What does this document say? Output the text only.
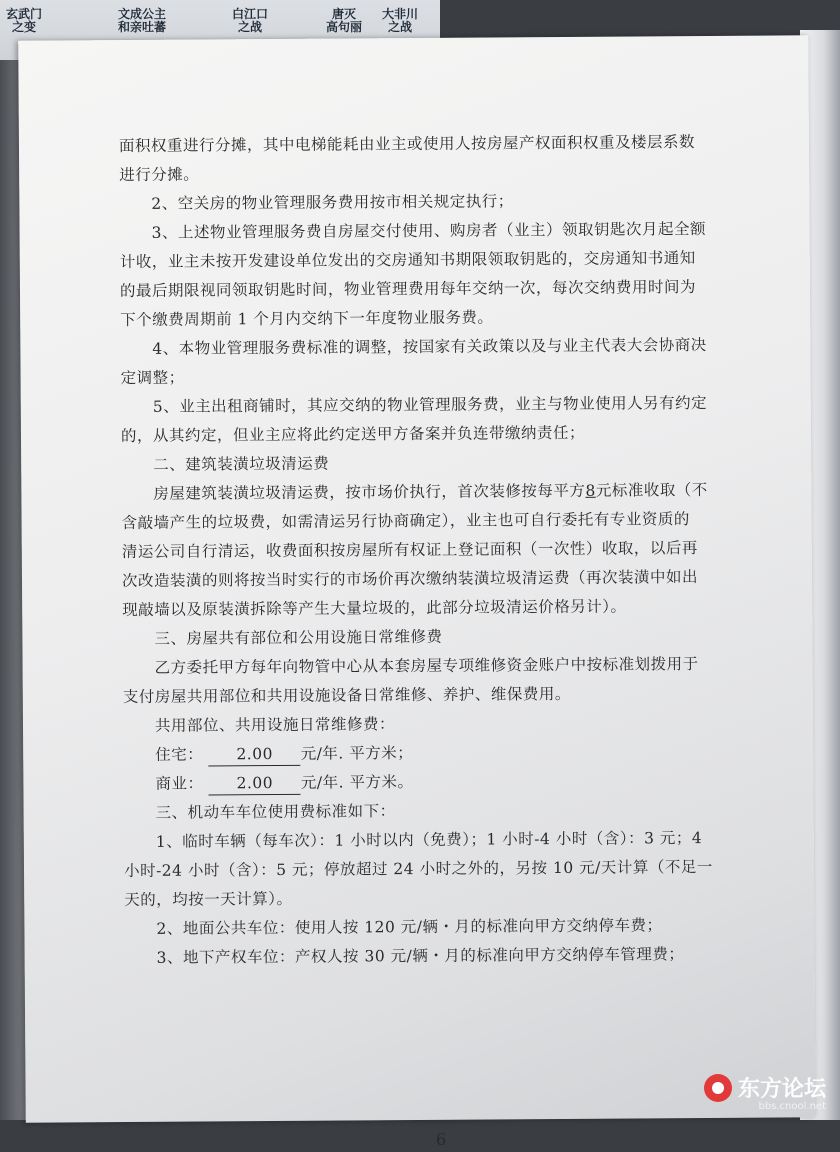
玄武门
之变
文成公主
和亲吐蕃
白江口
之战
唐灭
高句丽
大非川
之战
面积权重进行分摊，其中电梯能耗由业主或使用人按房屋产权面积权重及楼层系数
进行分摊。
2、空关房的物业管理服务费用按市相关规定执行；
3、上述物业管理服务费自房屋交付使用、购房者（业主）领取钥匙次月起全额
计收，业主未按开发建设单位发出的交房通知书期限领取钥匙的，交房通知书通知
的最后期限视同领取钥匙时间，物业管理费用每年交纳一次，每次交纳费用时间为
下个缴费周期前 1 个月内交纳下一年度物业服务费。
4、本物业管理服务费标准的调整，按国家有关政策以及与业主代表大会协商决
定调整；
5、业主出租商铺时，其应交纳的物业管理服务费，业主与物业使用人另有约定
的，从其约定，但业主应将此约定送甲方备案并负连带缴纳责任；
二、建筑装潢垃圾清运费
房屋建筑装潢垃圾清运费，按市场价执行，首次装修按每平方8元标准收取（不
含敲墙产生的垃圾费，如需清运另行协商确定），业主也可自行委托有专业资质的
清运公司自行清运，收费面积按房屋所有权证上登记面积（一次性）收取，以后再
次改造装潢的则将按当时实行的市场价再次缴纳装潢垃圾清运费（再次装潢中如出
现敲墙以及原装潢拆除等产生大量垃圾的，此部分垃圾清运价格另计）。
三、房屋共有部位和公用设施日常维修费
乙方委托甲方每年向物管中心从本套房屋专项维修资金账户中按标准划拨用于
支付房屋共用部位和共用设施设备日常维修、养护、维保费用。
共用部位、共用设施日常维修费：
住宅： 2.00 元/年. 平方米；
商业： 2.00 元/年. 平方米。
三、机动车车位使用费标准如下：
1、临时车辆（每车次）：1 小时以内（免费）；1 小时-4 小时（含）：3 元；4
小时-24 小时（含）：5 元；停放超过 24 小时之外的，另按 10 元/天计算（不足一
天的，均按一天计算）。
2、地面公共车位：使用人按 120 元/辆・月的标准向甲方交纳停车费；
3、地下产权车位：产权人按 30 元/辆・月的标准向甲方交纳停车管理费；
6
东方论坛
bbs.cnool.net
